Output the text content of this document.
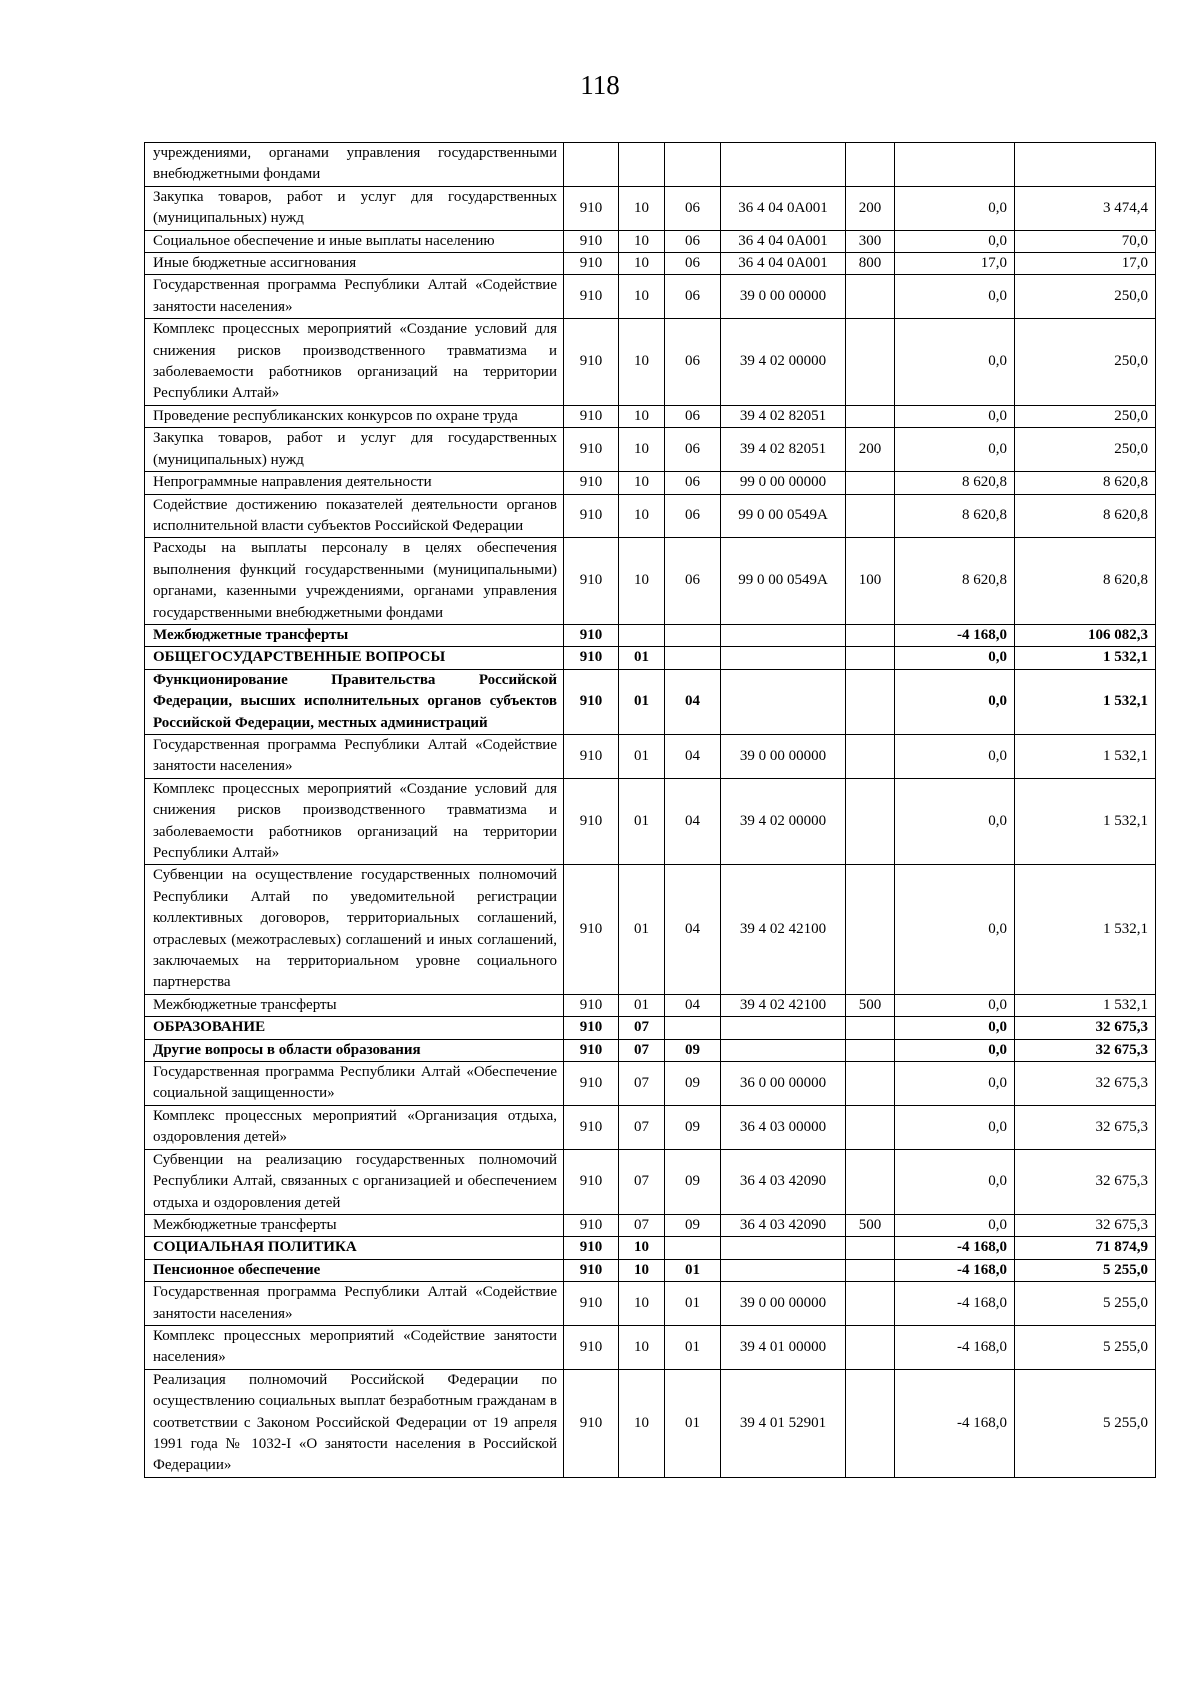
118
учреждениями, органами управления государственными внебюджетными фондами							
Закупка товаров, работ и услуг для государственных (муниципальных) нужд	910	10	06	36 4 04 0А001	200	0,0	3 474,4
Социальное обеспечение и иные выплаты населению	910	10	06	36 4 04 0А001	300	0,0	70,0
Иные бюджетные ассигнования	910	10	06	36 4 04 0А001	800	17,0	17,0
Государственная программа Республики Алтай «Содействие занятости населения»	910	10	06	39 0 00 00000		0,0	250,0
Комплекс процессных мероприятий «Создание условий для снижения рисков производственного травматизма и заболеваемости работников организаций на территории Республики Алтай»	910	10	06	39 4 02 00000		0,0	250,0
Проведение республиканских конкурсов по охране труда	910	10	06	39 4 02 82051		0,0	250,0
Закупка товаров, работ и услуг для государственных (муниципальных) нужд	910	10	06	39 4 02 82051	200	0,0	250,0
Непрограммные направления деятельности	910	10	06	99 0 00 00000		8 620,8	8 620,8
Содействие достижению показателей деятельности органов исполнительной власти субъектов Российской Федерации	910	10	06	99 0 00 0549А		8 620,8	8 620,8
Расходы на выплаты персоналу в целях обеспечения выполнения функций государственными (муниципальными) органами, казенными учреждениями, органами управления государственными внебюджетными фондами	910	10	06	99 0 00 0549А	100	8 620,8	8 620,8
Межбюджетные трансферты	910					-4 168,0	106 082,3
ОБЩЕГОСУДАРСТВЕННЫЕ ВОПРОСЫ	910	01				0,0	1 532,1
Функционирование Правительства Российской Федерации, высших исполнительных органов субъектов Российской Федерации, местных администраций	910	01	04			0,0	1 532,1
Государственная программа Республики Алтай «Содействие занятости населения»	910	01	04	39 0 00 00000		0,0	1 532,1
Комплекс процессных мероприятий «Создание условий для снижения рисков производственного травматизма и заболеваемости работников организаций на территории Республики Алтай»	910	01	04	39 4 02 00000		0,0	1 532,1
Субвенции на осуществление государственных полномочий Республики Алтай по уведомительной регистрации коллективных договоров, территориальных соглашений, отраслевых (межотраслевых) соглашений и иных соглашений, заключаемых на территориальном уровне социального партнерства	910	01	04	39 4 02 42100		0,0	1 532,1
Межбюджетные трансферты	910	01	04	39 4 02 42100	500	0,0	1 532,1
ОБРАЗОВАНИЕ	910	07				0,0	32 675,3
Другие вопросы в области образования	910	07	09			0,0	32 675,3
Государственная программа Республики Алтай «Обеспечение социальной защищенности»	910	07	09	36 0 00 00000		0,0	32 675,3
Комплекс процессных мероприятий «Организация отдыха, оздоровления детей»	910	07	09	36 4 03 00000		0,0	32 675,3
Субвенции на реализацию государственных полномочий Республики Алтай, связанных с организацией и обеспечением отдыха и оздоровления детей	910	07	09	36 4 03 42090		0,0	32 675,3
Межбюджетные трансферты	910	07	09	36 4 03 42090	500	0,0	32 675,3
СОЦИАЛЬНАЯ ПОЛИТИКА	910	10				-4 168,0	71 874,9
Пенсионное обеспечение	910	10	01			-4 168,0	5 255,0
Государственная программа Республики Алтай «Содействие занятости населения»	910	10	01	39 0 00 00000		-4 168,0	5 255,0
Комплекс процессных мероприятий «Содействие занятости населения»	910	10	01	39 4 01 00000		-4 168,0	5 255,0
Реализация полномочий Российской Федерации по осуществлению социальных выплат безработным гражданам в соответствии с Законом Российской Федерации от 19 апреля 1991 года № 1032-I «О занятости населения в Российской Федерации»	910	10	01	39 4 01 52901		-4 168,0	5 255,0
